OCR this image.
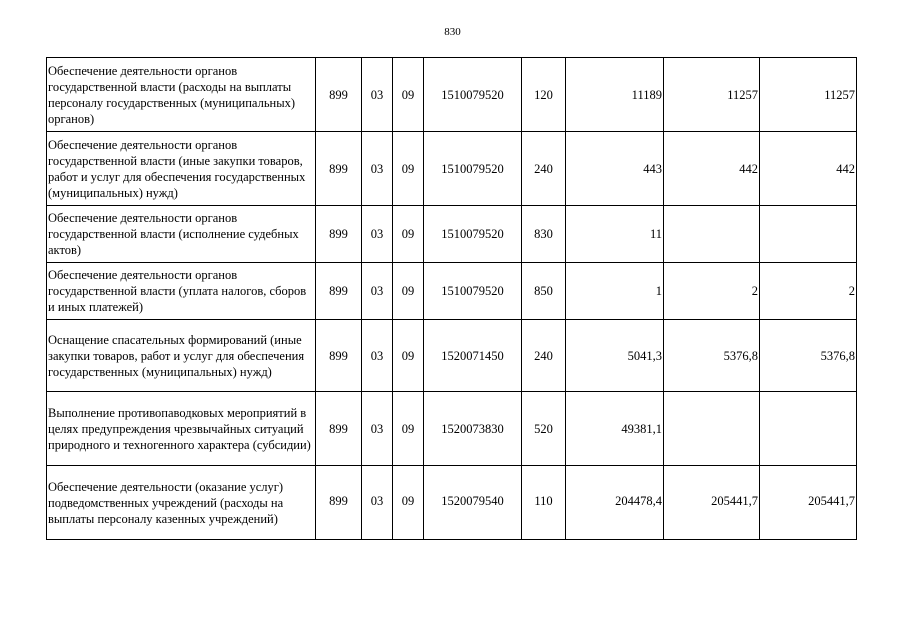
830
Обеспечение деятельности органов государственной власти (расходы на выплаты персоналу государственных (муниципальных) органов)	899	03	09	1510079520	120	11189	11257	11257
Обеспечение деятельности органов государственной власти (иные закупки товаров, работ и услуг для обеспечения государственных (муниципальных) нужд)	899	03	09	1510079520	240	443	442	442
Обеспечение деятельности органов государственной власти (исполнение судебных актов)	899	03	09	1510079520	830	11		
Обеспечение деятельности органов государственной власти (уплата налогов, сборов и иных платежей)	899	03	09	1510079520	850	1	2	2
Оснащение спасательных формирований (иные закупки товаров, работ и услуг для обеспечения государственных (муниципальных) нужд)	899	03	09	1520071450	240	5041,3	5376,8	5376,8
Выполнение противопаводковых мероприятий в целях предупреждения чрезвычайных ситуаций природного и техногенного характера (субсидии)	899	03	09	1520073830	520	49381,1		
Обеспечение деятельности (оказание услуг) подведомственных учреждений (расходы на выплаты персоналу казенных учреждений)	899	03	09	1520079540	110	204478,4	205441,7	205441,7
